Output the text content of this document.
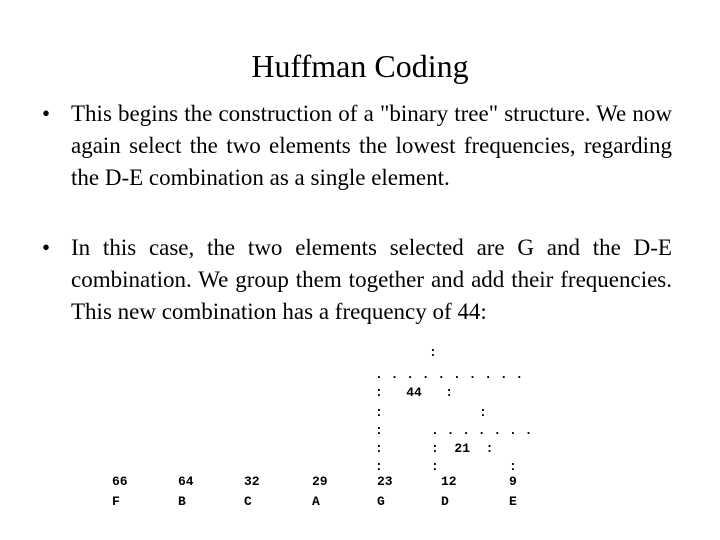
Huffman Coding
• This begins the construction of a "binary tree" structure. We now again select the two elements the lowest frequencies, regarding the D-E combination as a single element.
• In this case, the two elements selected are G and the D-E combination. We group them together and add their frequencies. This new combination has a frequency of 44:
:
. . . . . . . . . .
:   44   :
:	:
:	. . . . . . .
:	:  21  :
:	:	:
66	64	32	29	23	12	9
F	B	C	A	G	D	E
